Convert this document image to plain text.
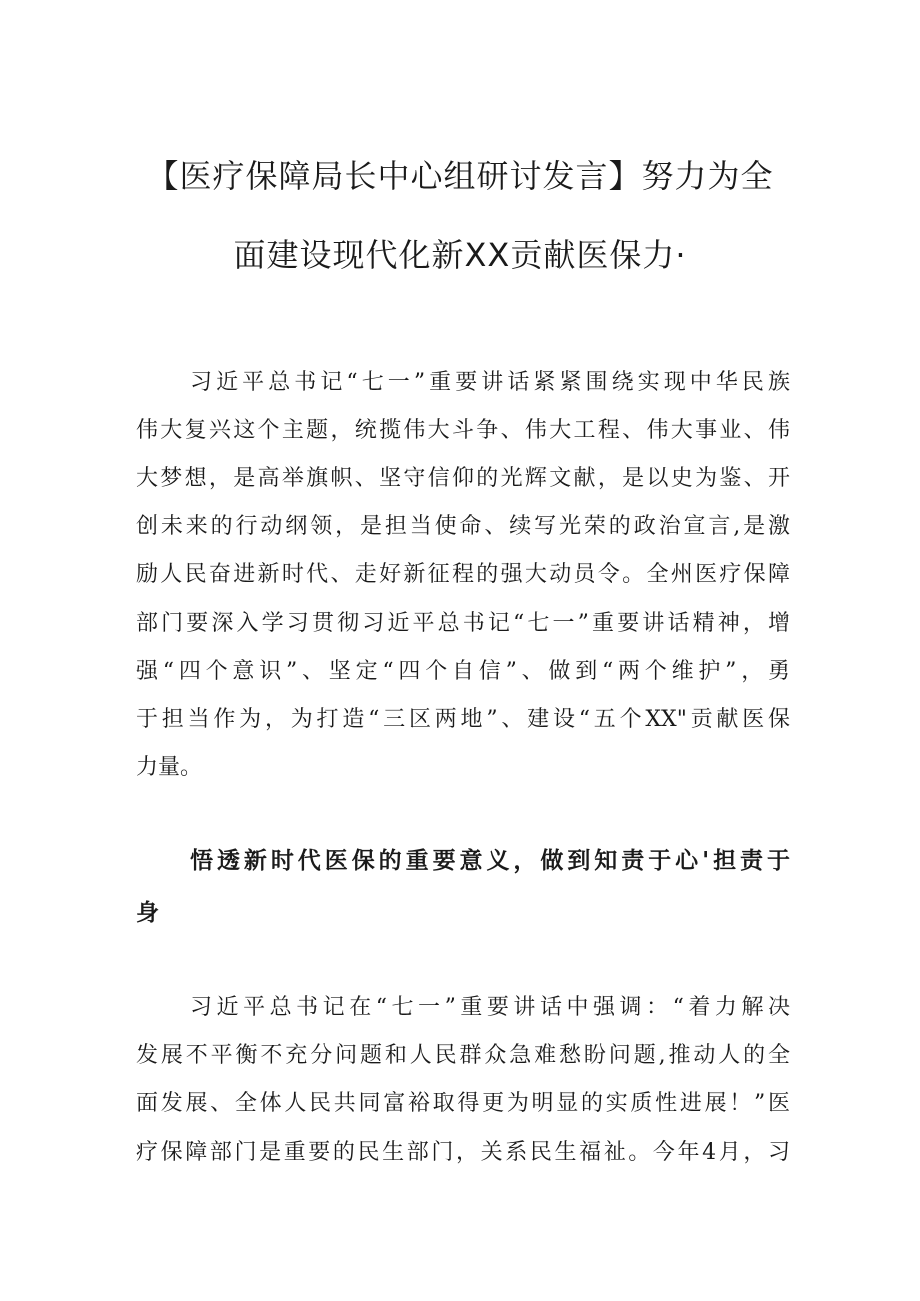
【医疗保障局长中心组研讨发言】努力为全
面建设现代化新XX贡献医保力·
习近平总书记“七一”重要讲话紧紧围绕实现中华民族
伟大复兴这个主题，统揽伟大斗争、伟大工程、伟大事业、伟
大梦想，是高举旗帜、坚守信仰的光辉文献，是以史为鉴、开
创未来的行动纲领，是担当使命、续写光荣的政治宣言,是激
励人民奋进新时代、走好新征程的强大动员令。全州医疗保障
部门要深入学习贯彻习近平总书记“七一”重要讲话精神，增
强“四个意识”、坚定“四个自信”、做到“两个维护”，勇
于担当作为，为打造“三区两地”、建设“五个XX"贡献医保
力量。
悟透新时代医保的重要意义，做到知责于心'担责于
身
习近平总书记在“七一”重要讲话中强调：“着力解决
发展不平衡不充分问题和人民群众急难愁盼问题,推动人的全
面发展、全体人民共同富裕取得更为明显的实质性进展！”医
疗保障部门是重要的民生部门，关系民生福祉。今年4月，习
